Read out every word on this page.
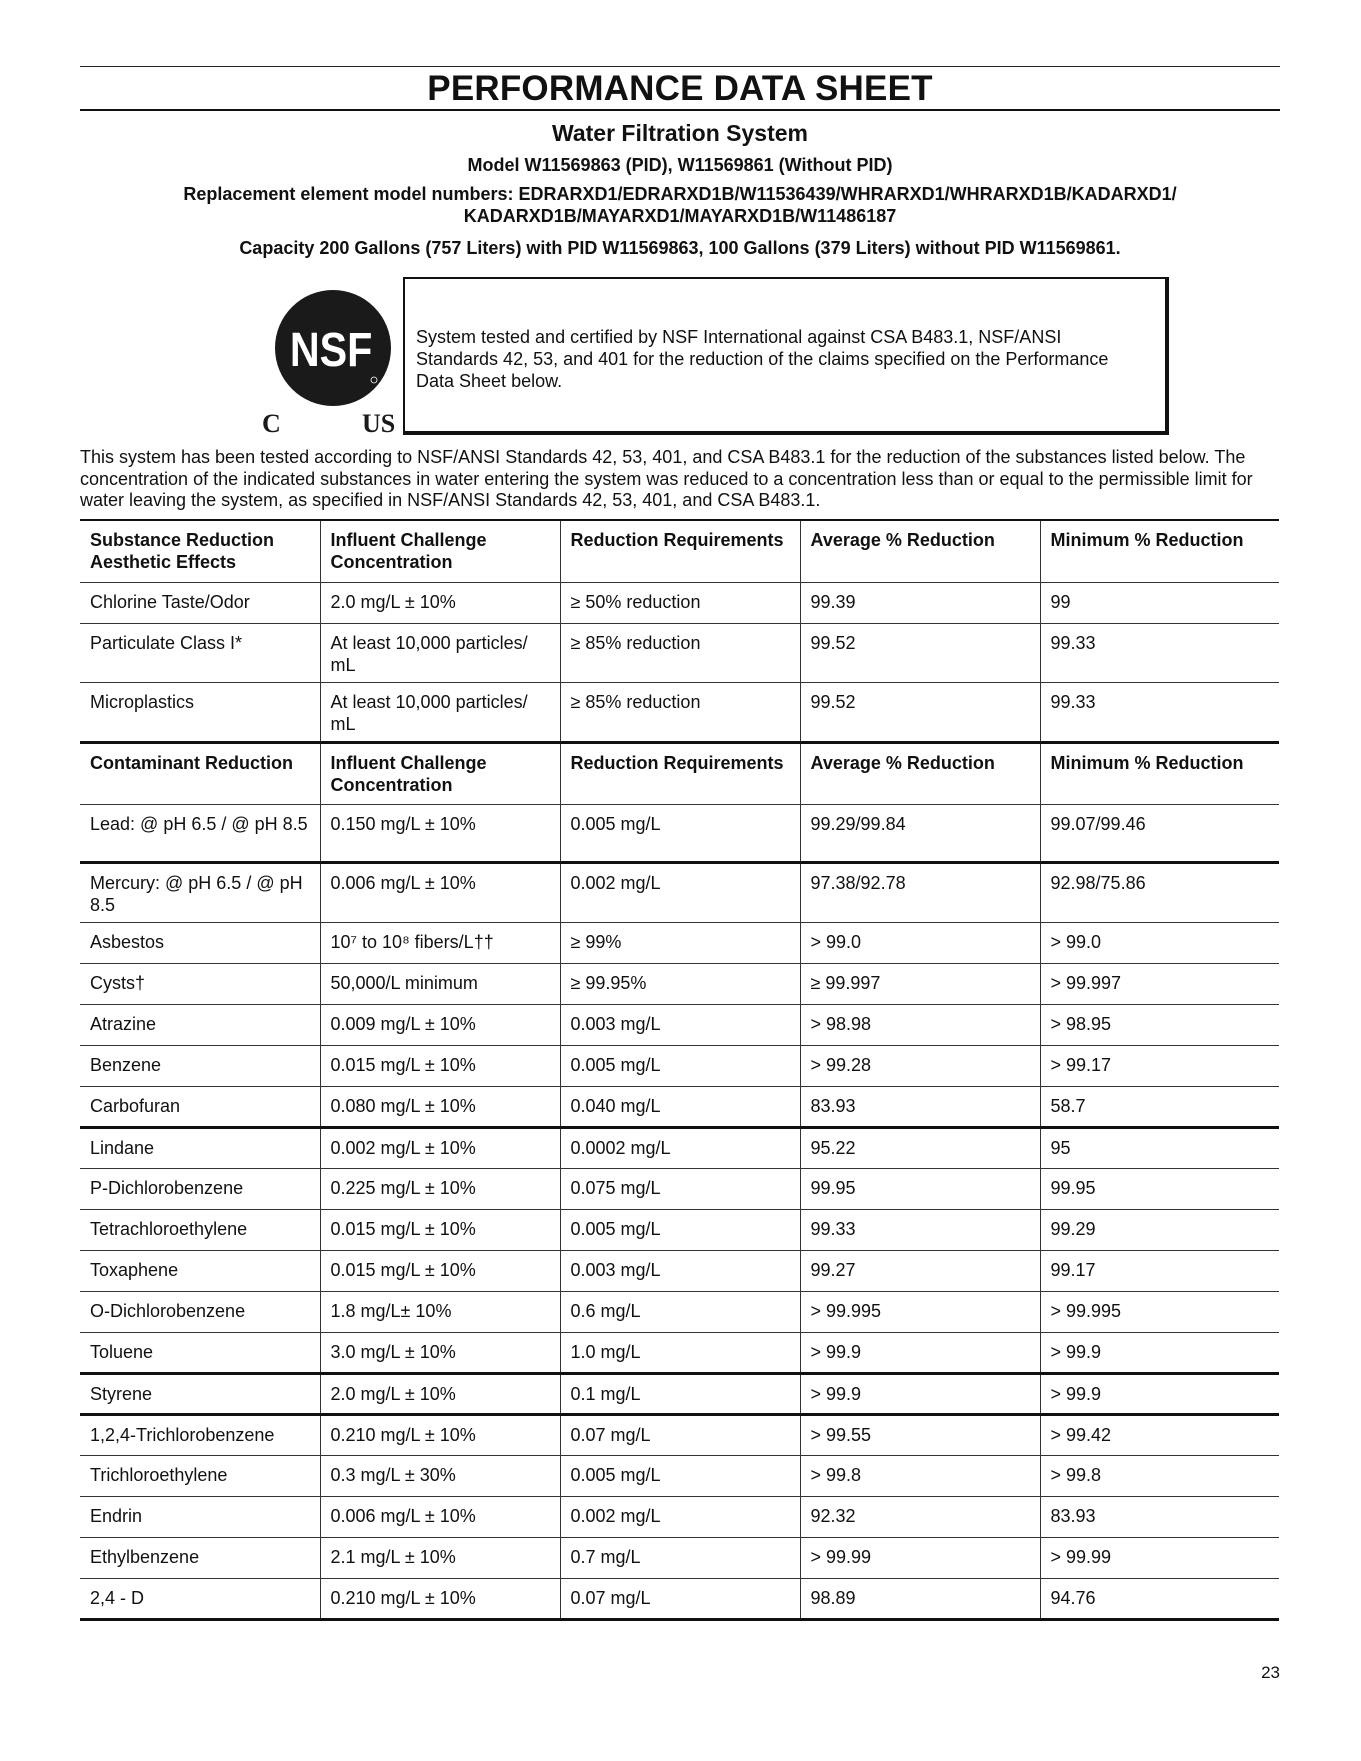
PERFORMANCE DATA SHEET
Water Filtration System
Model W11569863 (PID), W11569861 (Without PID)
Replacement element model numbers: EDRARXD1/EDRARXD1B/W11536439/WHRARXD1/WHRARXD1B/KADARXD1/
KADARXD1B/MAYARXD1/MAYARXD1B/W11486187
Capacity 200 Gallons (757 Liters) with PID W11569863, 100 Gallons (379 Liters) without PID W11569861.
NSF
C	US
System tested and certified by NSF International against CSA B483.1, NSF/ANSI Standards 42, 53, and 401 for the reduction of the claims specified on the Performance Data Sheet below.
This system has been tested according to NSF/ANSI Standards 42, 53, 401, and CSA B483.1 for the reduction of the substances listed below. The concentration of the indicated substances in water entering the system was reduced to a concentration less than or equal to the permissible limit for water leaving the system, as specified in NSF/ANSI Standards 42, 53, 401, and CSA B483.1.
Substance Reduction Aesthetic Effects	Influent Challenge Concentration	Reduction Requirements	Average % Reduction	Minimum % Reduction
Chlorine Taste/Odor	2.0 mg/L ± 10%	≥ 50% reduction	99.39	99
Particulate Class I*	At least 10,000 particles/ mL	≥ 85% reduction	99.52	99.33
Microplastics	At least 10,000 particles/ mL	≥ 85% reduction	99.52	99.33
Contaminant Reduction	Influent Challenge Concentration	Reduction Requirements	Average % Reduction	Minimum % Reduction
Lead: @ pH 6.5 / @ pH 8.5	0.150 mg/L ± 10%	0.005 mg/L	99.29/99.84	99.07/99.46
Mercury: @ pH 6.5 / @ pH 8.5	0.006 mg/L ± 10%	0.002 mg/L	97.38/92.78	92.98/75.86
Asbestos	10⁷ to 10⁸ fibers/L††	≥ 99%	> 99.0	> 99.0
Cysts†	50,000/L minimum	≥ 99.95%	≥ 99.997	> 99.997
Atrazine	0.009 mg/L ± 10%	0.003 mg/L	> 98.98	> 98.95
Benzene	0.015 mg/L ± 10%	0.005 mg/L	> 99.28	> 99.17
Carbofuran	0.080 mg/L ± 10%	0.040 mg/L	83.93	58.7
Lindane	0.002 mg/L ± 10%	0.0002 mg/L	95.22	95
P-Dichlorobenzene	0.225 mg/L ± 10%	0.075 mg/L	99.95	99.95
Tetrachloroethylene	0.015 mg/L ± 10%	0.005 mg/L	99.33	99.29
Toxaphene	0.015 mg/L ± 10%	0.003 mg/L	99.27	99.17
O-Dichlorobenzene	1.8 mg/L± 10%	0.6 mg/L	> 99.995	> 99.995
Toluene	3.0 mg/L ± 10%	1.0 mg/L	> 99.9	> 99.9
Styrene	2.0 mg/L ± 10%	0.1 mg/L	> 99.9	> 99.9
1,2,4-Trichlorobenzene	0.210 mg/L ± 10%	0.07 mg/L	> 99.55	> 99.42
Trichloroethylene	0.3 mg/L ± 30%	0.005 mg/L	> 99.8	> 99.8
Endrin	0.006 mg/L ± 10%	0.002 mg/L	92.32	83.93
Ethylbenzene	2.1 mg/L ± 10%	0.7 mg/L	> 99.99	> 99.99
2,4 - D	0.210 mg/L ± 10%	0.07 mg/L	98.89	94.76
23
